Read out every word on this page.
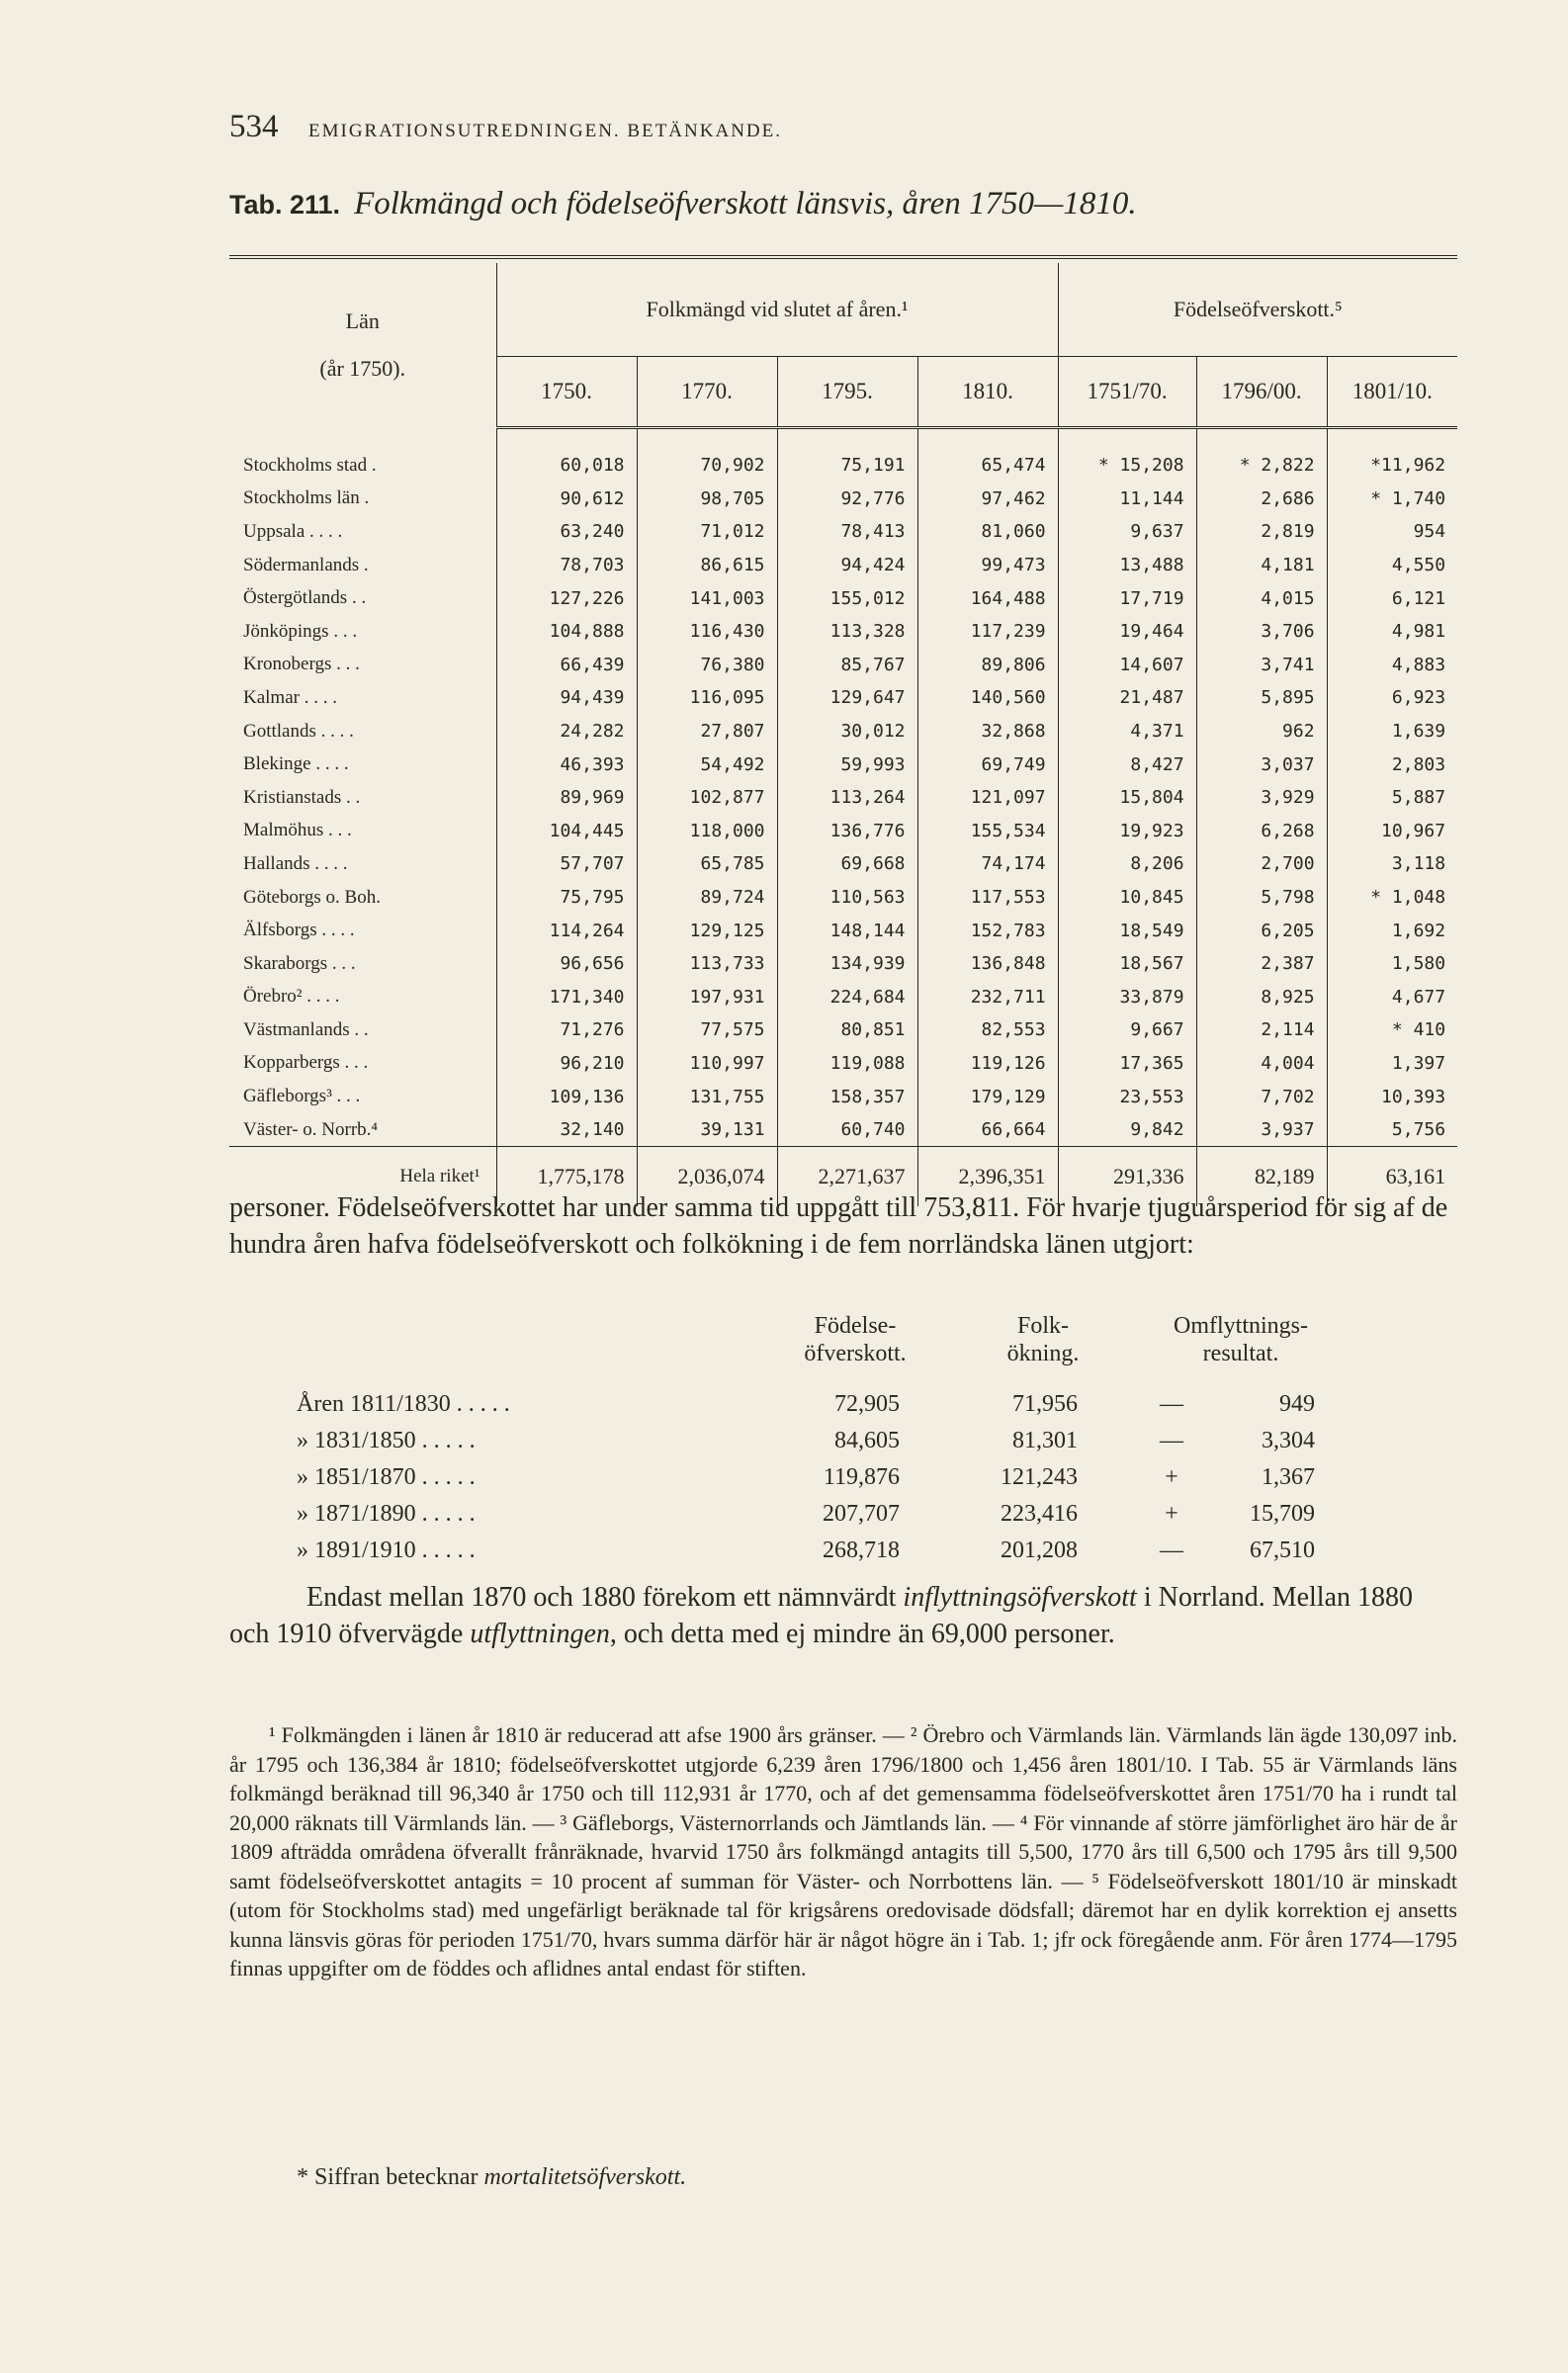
534 EMIGRATIONSUTREDNINGEN. BETÄNKANDE.
Tab. 211. Folkmängd och födelseöfverskott länsvis, åren 1750—1810.
Län
(år 1750).	Folkmängd vid slutet af åren.¹				Födelseöfverskott.⁵		
	1750.	1770.	1795.	1810.	1751/70.	1796/00.	1801/10.

Stockholms stad .	60,018	70,902	75,191	65,474	* 15,208	* 2,822	*11,962
Stockholms län .	90,612	98,705	92,776	97,462	11,144	2,686	* 1,740
Uppsala . . . .	63,240	71,012	78,413	81,060	9,637	2,819	954
Södermanlands .	78,703	86,615	94,424	99,473	13,488	4,181	4,550
Östergötlands . .	127,226	141,003	155,012	164,488	17,719	4,015	6,121
Jönköpings . . .	104,888	116,430	113,328	117,239	19,464	3,706	4,981
Kronobergs . . .	66,439	76,380	85,767	89,806	14,607	3,741	4,883
Kalmar . . . .	94,439	116,095	129,647	140,560	21,487	5,895	6,923
Gottlands . . . .	24,282	27,807	30,012	32,868	4,371	962	1,639
Blekinge . . . .	46,393	54,492	59,993	69,749	8,427	3,037	2,803
Kristianstads . .	89,969	102,877	113,264	121,097	15,804	3,929	5,887
Malmöhus . . .	104,445	118,000	136,776	155,534	19,923	6,268	10,967
Hallands . . . .	57,707	65,785	69,668	74,174	8,206	2,700	3,118
Göteborgs o. Boh.	75,795	89,724	110,563	117,553	10,845	5,798	* 1,048
Älfsborgs . . . .	114,264	129,125	148,144	152,783	18,549	6,205	1,692
Skaraborgs . . .	96,656	113,733	134,939	136,848	18,567	2,387	1,580
Örebro² . . . .	171,340	197,931	224,684	232,711	33,879	8,925	4,677
Västmanlands . .	71,276	77,575	80,851	82,553	9,667	2,114	* 410
Kopparbergs . . .	96,210	110,997	119,088	119,126	17,365	4,004	1,397
Gäfleborgs³ . . .	109,136	131,755	158,357	179,129	23,553	7,702	10,393
Väster- o. Norrb.⁴	32,140	39,131	60,740	66,664	9,842	3,937	5,756
Hela riket¹	1,775,178	2,036,074	2,271,637	2,396,351	291,336	82,189	63,161

personer. Födelseöfverskottet har under samma tid uppgått till 753,811. För hvarje tjuguårsperiod för sig af de hundra åren hafva födelseöfverskott och folkökning i de fem norrländska länen utgjort:

Födelse- öfverskott.
Folk- ökning.
Omflyttnings- resultat.
Åren 1811/1830 . . . . .	72,905	71,956	—	949
» 1831/1850 . . . . .	84,605	81,301	—	3,304
» 1851/1870 . . . . .	119,876	121,243	+	1,367
» 1871/1890 . . . . .	207,707	223,416	+	15,709
» 1891/1910 . . . . .	268,718	201,208	—	67,510
Endast mellan 1870 och 1880 förekom ett nämnvärdt inflyttningsöfverskott i Norrland. Mellan 1880 och 1910 öfvervägde utflyttningen, och detta med ej mindre än 69,000 personer.

¹ Folkmängden i länen år 1810 är reducerad att afse 1900 års gränser. — ² Örebro och Värmlands län. Värmlands län ägde 130,097 inb. år 1795 och 136,384 år 1810; födelseöfverskottet utgjorde 6,239 åren 1796/1800 och 1,456 åren 1801/10. I Tab. 55 är Värmlands läns folkmängd beräknad till 96,340 år 1750 och till 112,931 år 1770, och af det gemensamma födelseöfverskottet åren 1751/70 ha i rundt tal 20,000 räknats till Värmlands län. — ³ Gäfleborgs, Västernorrlands och Jämtlands län. — ⁴ För vinnande af större jämförlighet äro här de år 1809 afträdda områdena öfverallt frånräknade, hvarvid 1750 års folkmängd antagits till 5,500, 1770 års till 6,500 och 1795 års till 9,500 samt födelseöfverskottet antagits = 10 procent af summan för Väster- och Norrbottens län. — ⁵ Födelseöfverskott 1801/10 är minskadt (utom för Stockholms stad) med ungefärligt beräknade tal för krigsårens oredovisade dödsfall; däremot har en dylik korrektion ej ansetts kunna länsvis göras för perioden 1751/70, hvars summa därför här är något högre än i Tab. 1; jfr ock föregående anm. För åren 1774—1795 finnas uppgifter om de föddes och aflidnes antal endast för stiften.

* Siffran betecknar mortalitetsöfverskott.
